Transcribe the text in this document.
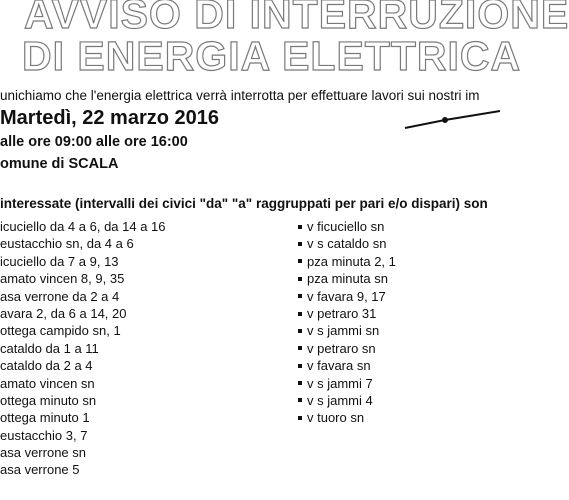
AVVISO DI INTERRUZIONE
DI ENERGIA ELETTRICA
unichiamo che l'energia elettrica verrà interrotta per effettuare lavori sui nostri im
Martedì, 22 marzo 2016
alle ore 09:00 alle ore 16:00
omune di SCALA
interessate (intervalli dei civici "da" "a" raggruppati per pari e/o dispari) son
icuciello da 4 a 6, da 14 a 16
eustacchio sn, da 4 a 6
icuciello da 7 a 9, 13
amato vincen 8, 9, 35
asa verrone da 2 a 4
avara 2, da 6 a 14, 20
ottega campido sn, 1
cataldo da 1 a 11
cataldo da 2 a 4
amato vincen sn
ottega minuto sn
ottega minuto 1
eustacchio 3, 7
asa verrone sn
asa verrone 5
v ficuciello sn
v s cataldo sn
pza minuta 2, 1
pza minuta sn
v favara 9, 17
v petraro 31
v s jammi sn
v petraro sn
v favara sn
v s jammi 7
v s jammi 4
v tuoro sn
